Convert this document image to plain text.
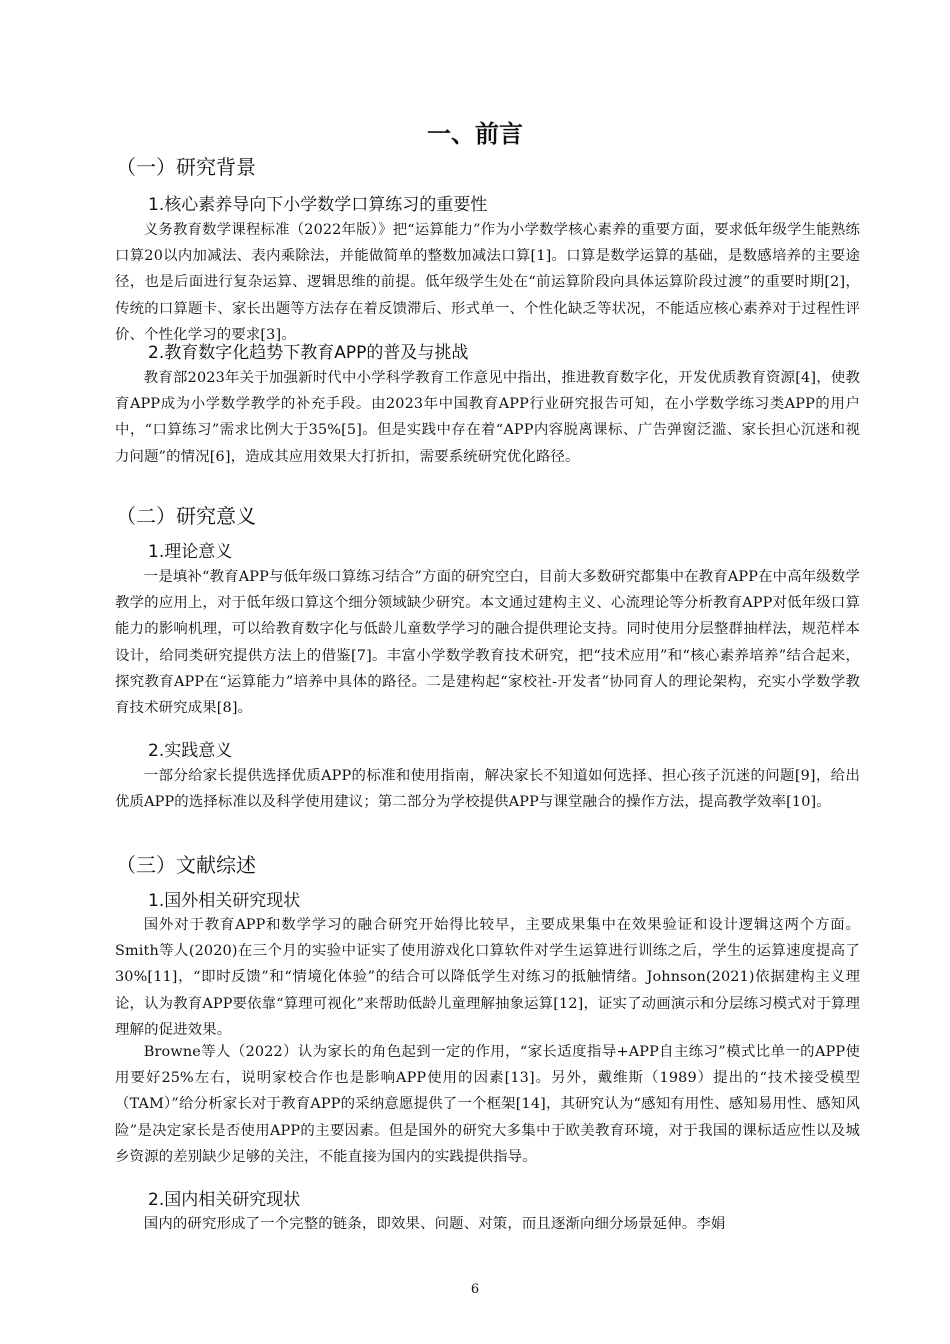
一、前言
（一）研究背景
1.核心素养导向下小学数学口算练习的重要性

义务教育数学课程标准（2022年版）》把“运算能力”作为小学数学核心素养的重要方面，要求低年级学生能熟练口算20以内加减法、表内乘除法，并能做简单的整数加减法口算[1]。口算是数学运算的基础，是数感培养的主要途径，也是后面进行复杂运算、逻辑思维的前提。低年级学生处在“前运算阶段向具体运算阶段过渡”的重要时期[2]，传统的口算题卡、家长出题等方法存在着反馈滞后、形式单一、个性化缺乏等状况，不能适应核心素养对于过程性评价、个性化学习的要求[3]。

2.教育数字化趋势下教育APP的普及与挑战

教育部2023年关于加强新时代中小学科学教育工作意见中指出，推进教育数字化，开发优质教育资源[4]，使教育APP成为小学数学教学的补充手段。由2023年中国教育APP行业研究报告可知，在小学数学练习类APP的用户中，“口算练习”需求比例大于35%[5]。但是实践中存在着“APP内容脱离课标、广告弹窗泛滥、家长担心沉迷和视力问题”的情况[6]，造成其应用效果大打折扣，需要系统研究优化路径。

（二）研究意义
1.理论意义

一是填补“教育APP与低年级口算练习结合”方面的研究空白，目前大多数研究都集中在教育APP在中高年级数学教学的应用上，对于低年级口算这个细分领域缺少研究。本文通过建构主义、心流理论等分析教育APP对低年级口算能力的影响机理，可以给教育数字化与低龄儿童数学学习的融合提供理论支持。同时使用分层整群抽样法，规范样本设计，给同类研究提供方法上的借鉴[7]。丰富小学数学教育技术研究，把“技术应用”和“核心素养培养”结合起来，探究教育APP在“运算能力”培养中具体的路径。二是建构起“家校社-开发者”协同育人的理论架构，充实小学数学教育技术研究成果[8]。

2.实践意义

一部分给家长提供选择优质APP的标准和使用指南，解决家长不知道如何选择、担心孩子沉迷的问题[9]，给出优质APP的选择标准以及科学使用建议；第二部分为学校提供APP与课堂融合的操作方法，提高教学效率[10]。

（三）文献综述
1.国外相关研究现状

国外对于教育APP和数学学习的融合研究开始得比较早，主要成果集中在效果验证和设计逻辑这两个方面。Smith等人(2020)在三个月的实验中证实了使用游戏化口算软件对学生运算进行训练之后，学生的运算速度提高了30%[11]，“即时反馈”和“情境化体验”的结合可以降低学生对练习的抵触情绪。Johnson(2021)依据建构主义理论，认为教育APP要依靠“算理可视化”来帮助低龄儿童理解抽象运算[12]，证实了动画演示和分层练习模式对于算理理解的促进效果。

Browne等人（2022）认为家长的角色起到一定的作用，“家长适度指导+APP自主练习”模式比单一的APP使用要好25%左右，说明家校合作也是影响APP使用的因素[13]。另外，戴维斯（1989）提出的“技术接受模型（TAM）”给分析家长对于教育APP的采纳意愿提供了一个框架[14]，其研究认为“感知有用性、感知易用性、感知风险”是决定家长是否使用APP的主要因素。但是国外的研究大多集中于欧美教育环境，对于我国的课标适应性以及城乡资源的差别缺少足够的关注，不能直接为国内的实践提供指导。

2.国内相关研究现状

国内的研究形成了一个完整的链条，即效果、问题、对策，而且逐渐向细分场景延伸。李娟

6
